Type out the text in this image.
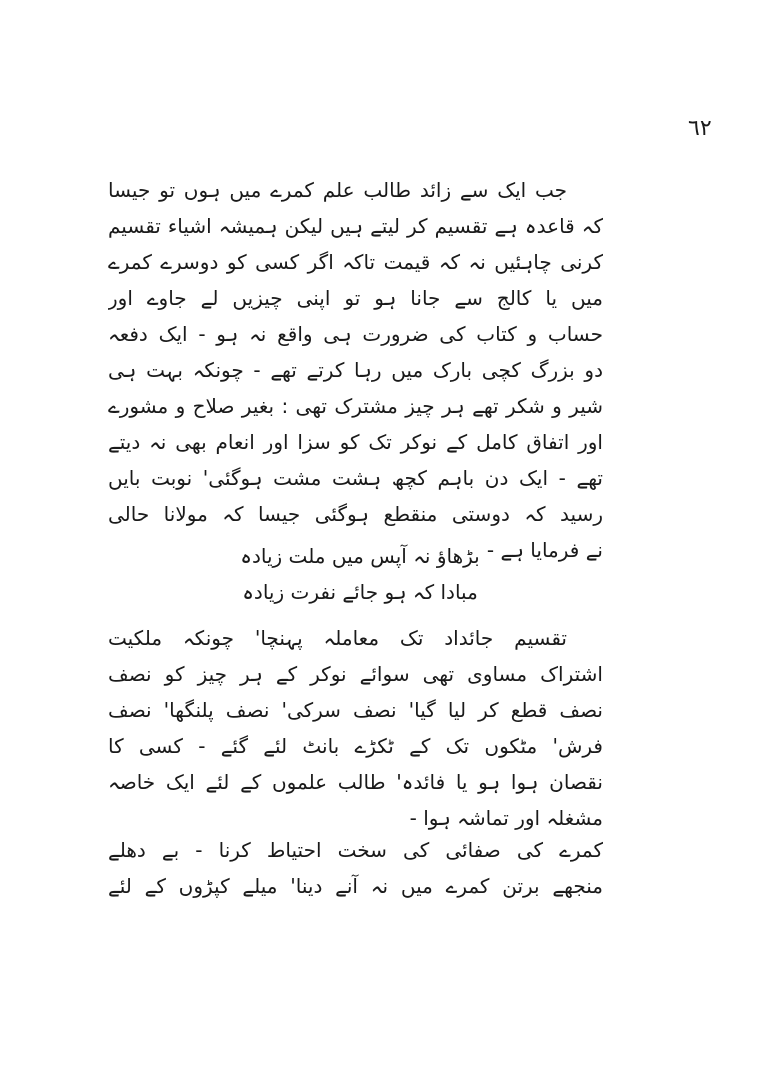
٦٢
جب ایک سے زائد طالب علم کمرے میں ہوں تو جیسا
کہ قاعدہ ہے تقسیم کر لیتے ہیں لیکن ہمیشہ اشیاء تقسیم
کرنی چاہئیں نہ کہ قیمت تاکہ اگر کسی کو دوسرے کمرے
میں یا کالج سے جانا ہو تو اپنی چیزیں لے جاوے اور
حساب و کتاب کی ضرورت ہی واقع نہ ہو - ایک دفعہ
دو بزرگ کچی بارک میں رہا کرتے تھے - چونکہ بہت ہی
شیر و شکر تھے ہر چیز مشترک تھی : بغیر صلاح و مشورے
اور اتفاق کامل کے نوکر تک کو سزا اور انعام بھی نہ دیتے
تھے - ایک دن باہم کچھ ہشت مشت ہوگئی' نوبت بایں
رسید کہ دوستی منقطع ہوگئی جیسا کہ مولانا حالی
نے فرمایا ہے -
بڑھاؤ نہ آپس میں ملت زیادہ
مبادا کہ ہو جائے نفرت زیادہ
تقسیم جائداد تک معاملہ پہنچا' چونکہ ملکیت
اشتراک مساوی تھی سوائے نوکر کے ہر چیز کو نصف
نصف قطع کر لیا گیا' نصف سرکی' نصف پلنگھا' نصف
فرش' مٹکوں تک کے ٹکڑے بانٹ لئے گئے - کسی کا
نقصان ہوا ہو یا فائدہ' طالب علموں کے لئے ایک خاصہ
مشغلہ اور تماشہ ہوا -
کمرے کی صفائی کی سخت احتیاط کرنا - بے دھلے
منجھے برتن کمرے میں نہ آنے دینا' میلے کپڑوں کے لئے
